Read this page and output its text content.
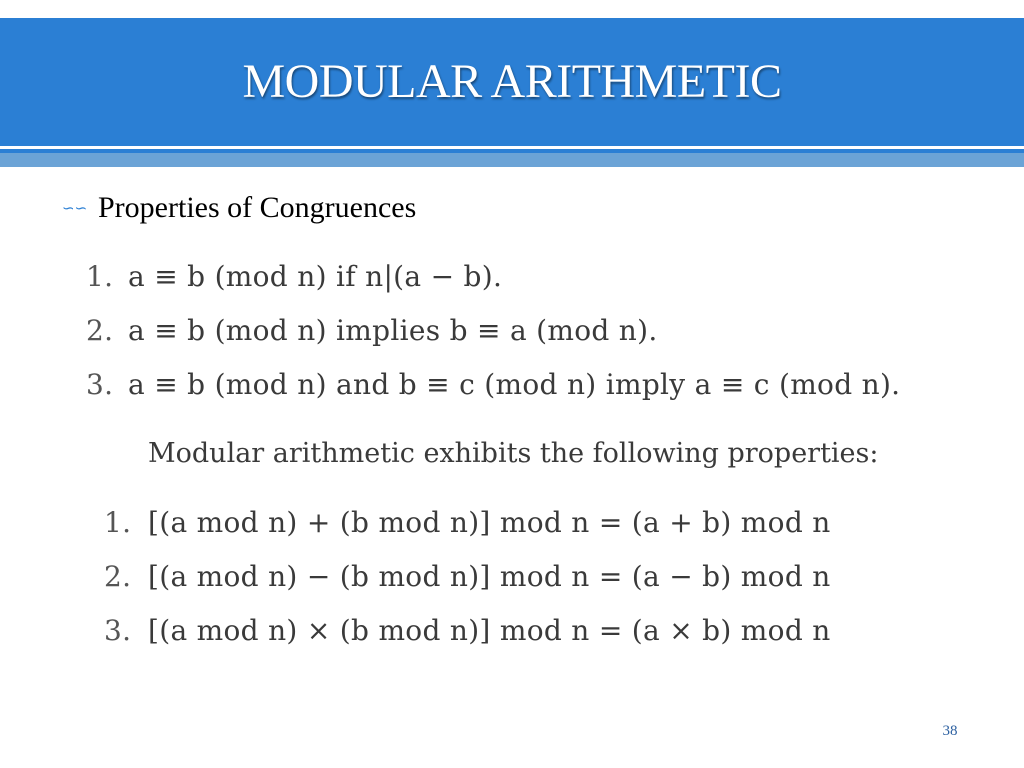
MODULAR ARITHMETIC
∽∽ Properties of Congruences
1. a ≡ b (mod n) if n|(a − b).
2. a ≡ b (mod n) implies b ≡ a (mod n).
3. a ≡ b (mod n) and b ≡ c (mod n) imply a ≡ c (mod n).
Modular arithmetic exhibits the following properties:
1. [(a mod n) + (b mod n)] mod n = (a + b) mod n
2. [(a mod n) − (b mod n)] mod n = (a − b) mod n
3. [(a mod n) × (b mod n)] mod n = (a × b) mod n
38
